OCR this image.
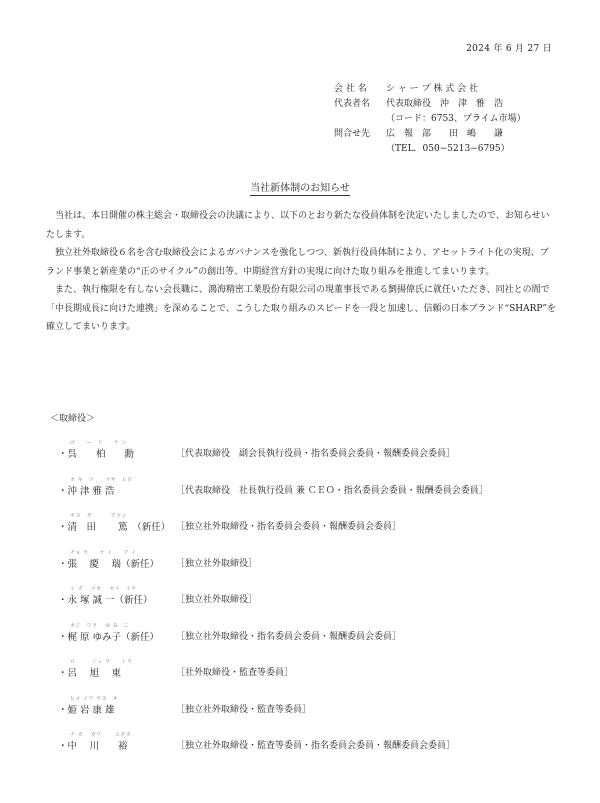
2024 年 6 月 27 日
会 社 名	シ ャ ー プ 株 式 会 社
代表者名	代表取締役　沖　津　雅　浩
（コード：6753、プライム市場）
問合せ先	広　報　部　　田　嶋　　謙
（TEL．050−5213−6795）
当社新体制のお知らせ

当社は、本日開催の株主総会・取締役会の決議により、以下のとおり新たな役員体制を決定いたしましたので、お知らせいたします。

独立社外取締役６名を含む取締役会によるガバナンスを強化しつつ、新執行役員体制により、アセットライト化の実現、ブランド事業と新産業の“正のサイクル”の創出等、中期経営方針の実現に向けた取り組みを推進してまいります。

また、執行権限を有しない会長職に、鴻海精密工業股份有限公司の現董事長である劉揚偉氏に就任いただき、同社との間で「中長期成長に向けた連携」を深めることで、こうした取り組みのスピードを一段と加速し、信頼の日本ブランド“SHARP”を確立してまいります。

＜取締役＞
ゴ　　ー　ド　　ケ ン
・呉　　柏　　勳	［代表取締役　副会長執行役員・指名委員会委員・報酬委員会委員］
オ キ　ツ　　マサ　ヒロ
・沖 津 雅 浩	［代表取締役　社長執行役員 兼 ＣＥＯ・指名委員会委員・報酬委員会委員］
キヨ　タ　　　 アツシ
・清　田　　 篤　（新任） ［独立社外取締役・指名委員会委員・報酬委員会委員］
チョ ウ　　ケ イ　　ア イ
・張　 慶　 瑞（新任） ［独立社外取締役］
イ ズ　 ツカ　 セイ　イチ
・永 塚 誠 一（新任）	［独立社外取締役］
カジ　ワラ　 ゆ み　こ
・梶 原 ゆみ子（新任） ［独立社外取締役・指名委員会委員・報酬委員会委員］
ロ　　　ジュ ウ　　トウ
・呂　 旭　 東	［社外取締役・監査等委員］
ヒメ イワ ヤス　オ
・姫 岩 康 雄	［独立社外取締役・監査等委員］
ナ カ　 ガワ　　 ユタカ
・中　 川　　裕	［独立社外取締役・監査等委員・指名委員会委員・報酬委員会委員］
